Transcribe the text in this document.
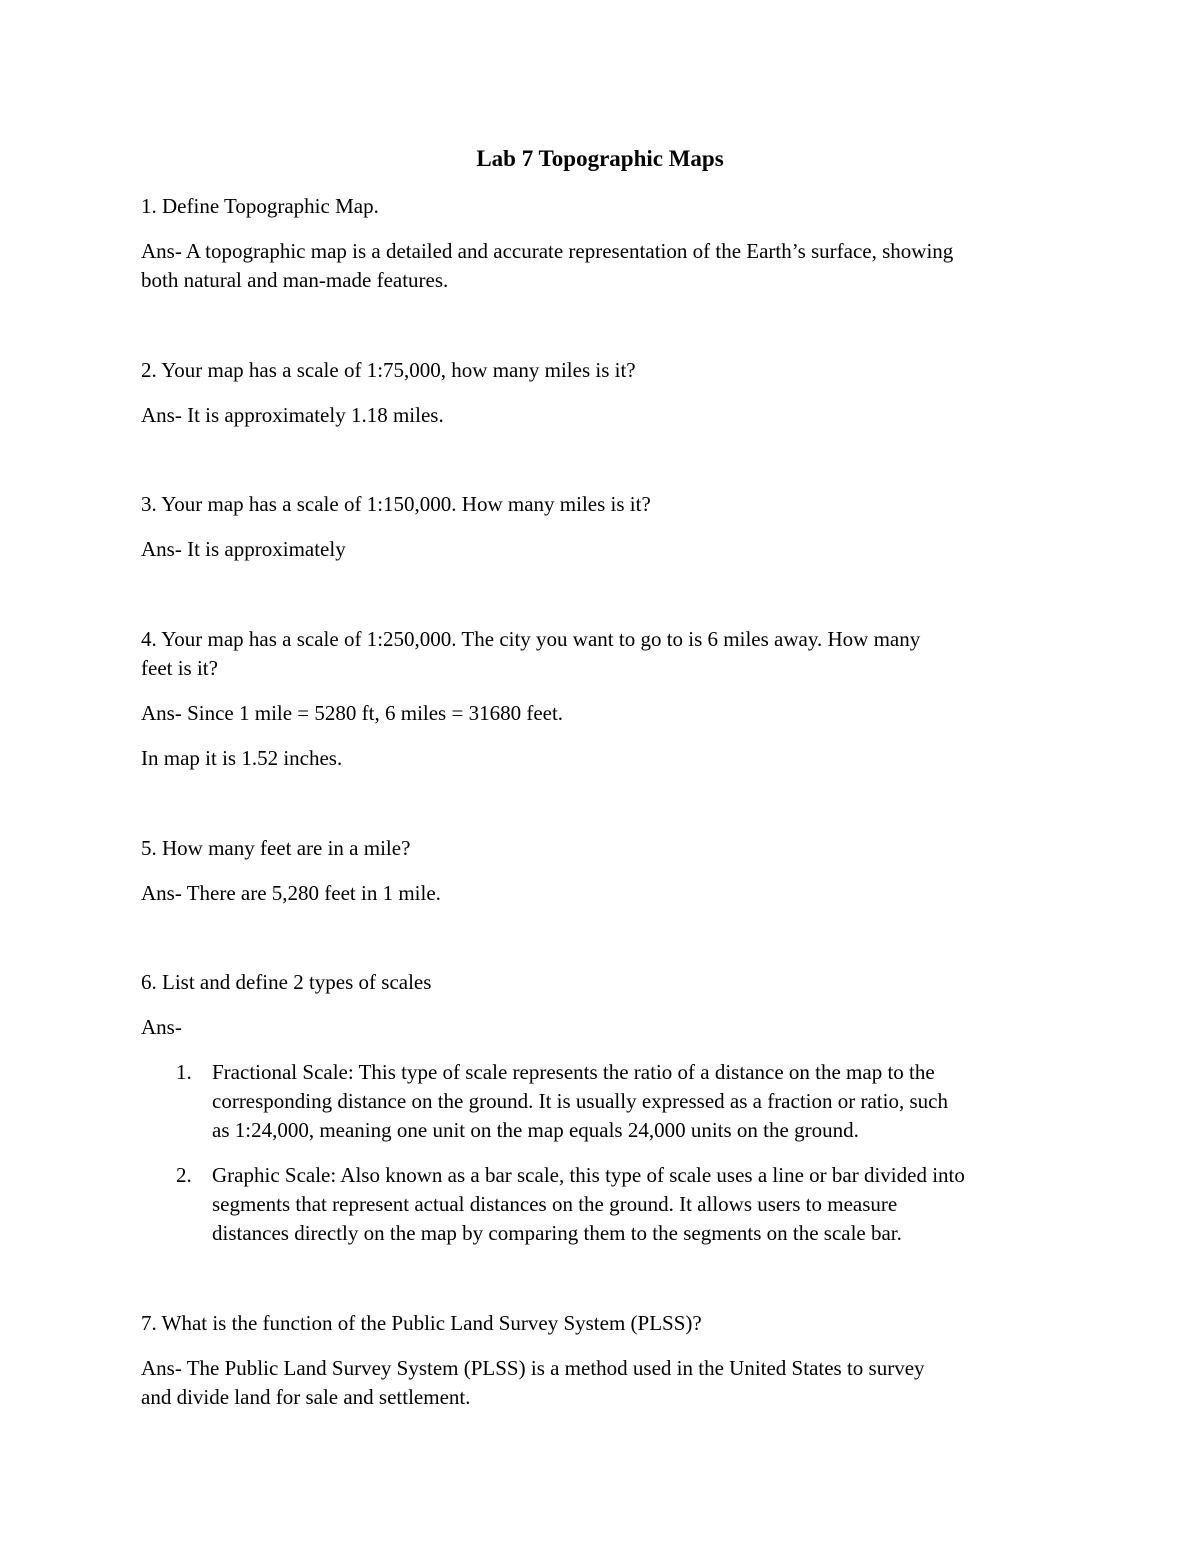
Lab 7 Topographic Maps
1. Define Topographic Map.
Ans- A topographic map is a detailed and accurate representation of the Earth’s surface, showing
both natural and man-made features.
2. Your map has a scale of 1:75,000, how many miles is it?
Ans- It is approximately 1.18 miles.
3. Your map has a scale of 1:150,000. How many miles is it?
Ans- It is approximately
4. Your map has a scale of 1:250,000. The city you want to go to is 6 miles away. How many
feet is it?
Ans- Since 1 mile = 5280 ft, 6 miles = 31680 feet.
In map it is 1.52 inches.
5. How many feet are in a mile?
Ans- There are 5,280 feet in 1 mile.
6. List and define 2 types of scales
Ans-
1. Fractional Scale: This type of scale represents the ratio of a distance on the map to the
corresponding distance on the ground. It is usually expressed as a fraction or ratio, such
as 1:24,000, meaning one unit on the map equals 24,000 units on the ground.
2. Graphic Scale: Also known as a bar scale, this type of scale uses a line or bar divided into
segments that represent actual distances on the ground. It allows users to measure
distances directly on the map by comparing them to the segments on the scale bar.
7. What is the function of the Public Land Survey System (PLSS)?
Ans- The Public Land Survey System (PLSS) is a method used in the United States to survey
and divide land for sale and settlement.
